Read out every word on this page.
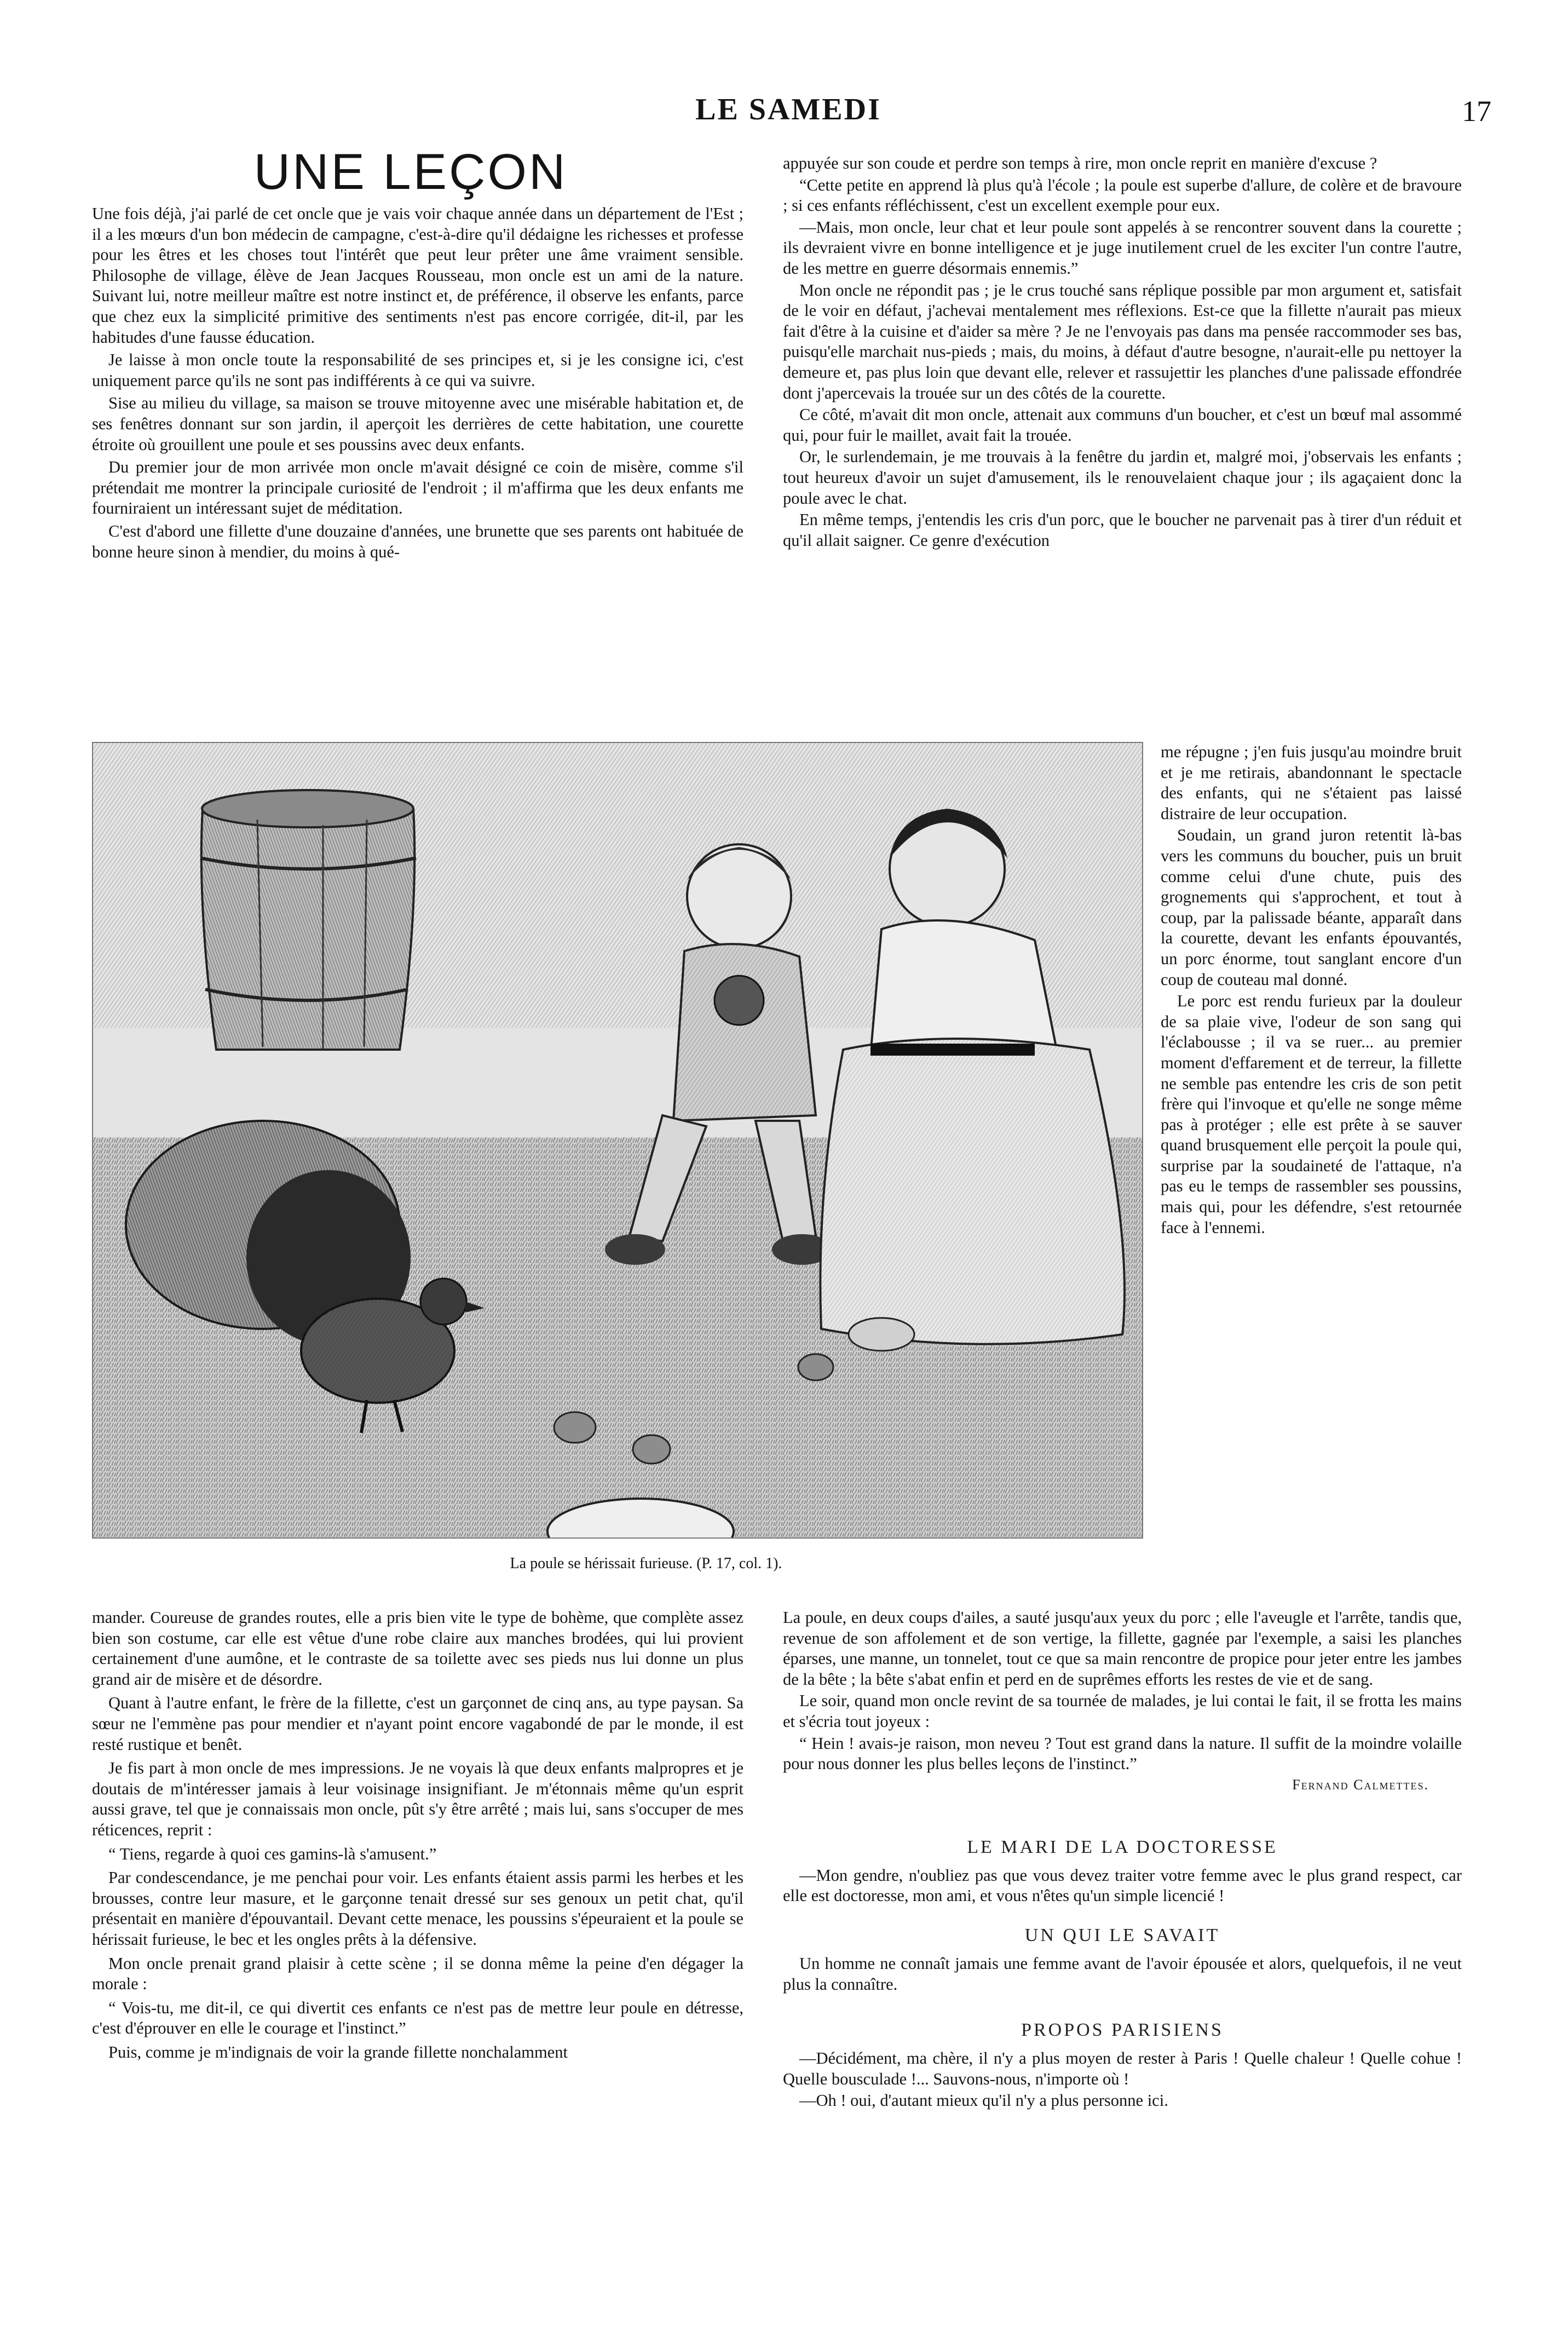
LE SAMEDI	17
UNE LEÇON

Une fois déjà, j'ai parlé de cet oncle que je vais voir chaque année dans un département de l'Est ; il a les mœurs d'un bon médecin de campagne, c'est-à-dire qu'il dédaigne les richesses et professe pour les êtres et les choses tout l'intérêt que peut leur prêter une âme vraiment sensible. Philosophe de village, élève de Jean Jacques Rousseau, mon oncle est un ami de la nature. Suivant lui, notre meilleur maître est notre instinct et, de préférence, il observe les enfants, parce que chez eux la simplicité primitive des sentiments n'est pas encore corrigée, dit-il, par les habitudes d'une fausse éducation.

Je laisse à mon oncle toute la responsabilité de ses principes et, si je les consigne ici, c'est uniquement parce qu'ils ne sont pas indifférents à ce qui va suivre.

Sise au milieu du village, sa maison se trouve mitoyenne avec une misérable habitation et, de ses fenêtres donnant sur son jardin, il aperçoit les derrières de cette habitation, une courette étroite où grouillent une poule et ses poussins avec deux enfants.

Du premier jour de mon arrivée mon oncle m'avait désigné ce coin de misère, comme s'il prétendait me montrer la principale curiosité de l'endroit ; il m'affirma que les deux enfants me fourniraient un intéressant sujet de méditation.

C'est d'abord une fillette d'une douzaine d'années, une brunette que ses parents ont habituée de bonne heure sinon à mendier, du moins à qué-

appuyée sur son coude et perdre son temps à rire, mon oncle reprit en manière d'excuse ?

“Cette petite en apprend là plus qu'à l'école ; la poule est superbe d'allure, de colère et de bravoure ; si ces enfants réfléchissent, c'est un excellent exemple pour eux.

—Mais, mon oncle, leur chat et leur poule sont appelés à se rencontrer souvent dans la courette ; ils devraient vivre en bonne intelligence et je juge inutilement cruel de les exciter l'un contre l'autre, de les mettre en guerre désormais ennemis.”

Mon oncle ne répondit pas ; je le crus touché sans réplique possible par mon argument et, satisfait de le voir en défaut, j'achevai mentalement mes réflexions. Est-ce que la fillette n'aurait pas mieux fait d'être à la cuisine et d'aider sa mère ? Je ne l'envoyais pas dans ma pensée raccommoder ses bas, puisqu'elle marchait nus-pieds ; mais, du moins, à défaut d'autre besogne, n'aurait-elle pu nettoyer la demeure et, pas plus loin que devant elle, relever et rassujettir les planches d'une palissade effondrée dont j'apercevais la trouée sur un des côtés de la courette.

Ce côté, m'avait dit mon oncle, attenait aux communs d'un boucher, et c'est un bœuf mal assommé qui, pour fuir le maillet, avait fait la trouée.

Or, le surlendemain, je me trouvais à la fenêtre du jardin et, malgré moi, j'observais les enfants ; tout heureux d'avoir un sujet d'amusement, ils le renouvelaient chaque jour ; ils agaçaient donc la poule avec le chat.

En même temps, j'entendis les cris d'un porc, que le boucher ne parvenait pas à tirer d'un réduit et qu'il allait saigner. Ce genre d'exécution

La poule se hérissait furieuse. (P. 17, col. 1).

me répugne ; j'en fuis jusqu'au moindre bruit et je me retirais, abandonnant le spectacle des enfants, qui ne s'étaient pas laissé distraire de leur occupation.

Soudain, un grand juron retentit là-bas vers les communs du boucher, puis un bruit comme celui d'une chute, puis des grognements qui s'approchent, et tout à coup, par la palissade béante, apparaît dans la courette, devant les enfants épouvantés, un porc énorme, tout sanglant encore d'un coup de couteau mal donné.

Le porc est rendu furieux par la douleur de sa plaie vive, l'odeur de son sang qui l'éclabousse ; il va se ruer... au premier moment d'effarement et de terreur, la fillette ne semble pas entendre les cris de son petit frère qui l'invoque et qu'elle ne songe même pas à protéger ; elle est prête à se sauver quand brusquement elle perçoit la poule qui, surprise par la soudaineté de l'attaque, n'a pas eu le temps de rassembler ses poussins, mais qui, pour les défendre, s'est retournée face à l'ennemi.

mander. Coureuse de grandes routes, elle a pris bien vite le type de bohème, que complète assez bien son costume, car elle est vêtue d'une robe claire aux manches brodées, qui lui provient certainement d'une aumône, et le contraste de sa toilette avec ses pieds nus lui donne un plus grand air de misère et de désordre.

Quant à l'autre enfant, le frère de la fillette, c'est un garçonnet de cinq ans, au type paysan. Sa sœur ne l'emmène pas pour mendier et n'ayant point encore vagabondé de par le monde, il est resté rustique et benêt.

Je fis part à mon oncle de mes impressions. Je ne voyais là que deux enfants malpropres et je doutais de m'intéresser jamais à leur voisinage insignifiant. Je m'étonnais même qu'un esprit aussi grave, tel que je connaissais mon oncle, pût s'y être arrêté ; mais lui, sans s'occuper de mes réticences, reprit :

“ Tiens, regarde à quoi ces gamins-là s'amusent.”

Par condescendance, je me penchai pour voir. Les enfants étaient assis parmi les herbes et les brousses, contre leur masure, et le garçonne tenait dressé sur ses genoux un petit chat, qu'il présentait en manière d'épouvantail. Devant cette menace, les poussins s'épeuraient et la poule se hérissait furieuse, le bec et les ongles prêts à la défensive.

Mon oncle prenait grand plaisir à cette scène ; il se donna même la peine d'en dégager la morale :

“ Vois-tu, me dit-il, ce qui divertit ces enfants ce n'est pas de mettre leur poule en détresse, c'est d'éprouver en elle le courage et l'instinct.”

Puis, comme je m'indignais de voir la grande fillette nonchalamment

La poule, en deux coups d'ailes, a sauté jusqu'aux yeux du porc ; elle l'aveugle et l'arrête, tandis que, revenue de son affolement et de son vertige, la fillette, gagnée par l'exemple, a saisi les planches éparses, une manne, un tonnelet, tout ce que sa main rencontre de propice pour jeter entre les jambes de la bête ; la bête s'abat enfin et perd en de suprêmes efforts les restes de vie et de sang.

Le soir, quand mon oncle revint de sa tournée de malades, je lui contai le fait, il se frotta les mains et s'écria tout joyeux :

“ Hein ! avais-je raison, mon neveu ? Tout est grand dans la nature. Il suffit de la moindre volaille pour nous donner les plus belles leçons de l'instinct.”

Fernand Calmettes.
LE MARI DE LA DOCTORESSE

—Mon gendre, n'oubliez pas que vous devez traiter votre femme avec le plus grand respect, car elle est doctoresse, mon ami, et vous n'êtes qu'un simple licencié !

UN QUI LE SAVAIT

Un homme ne connaît jamais une femme avant de l'avoir épousée et alors, quelquefois, il ne veut plus la connaître.

PROPOS PARISIENS

—Décidément, ma chère, il n'y a plus moyen de rester à Paris ! Quelle chaleur ! Quelle cohue ! Quelle bousculade !... Sauvons-nous, n'importe où !

—Oh ! oui, d'autant mieux qu'il n'y a plus personne ici.
